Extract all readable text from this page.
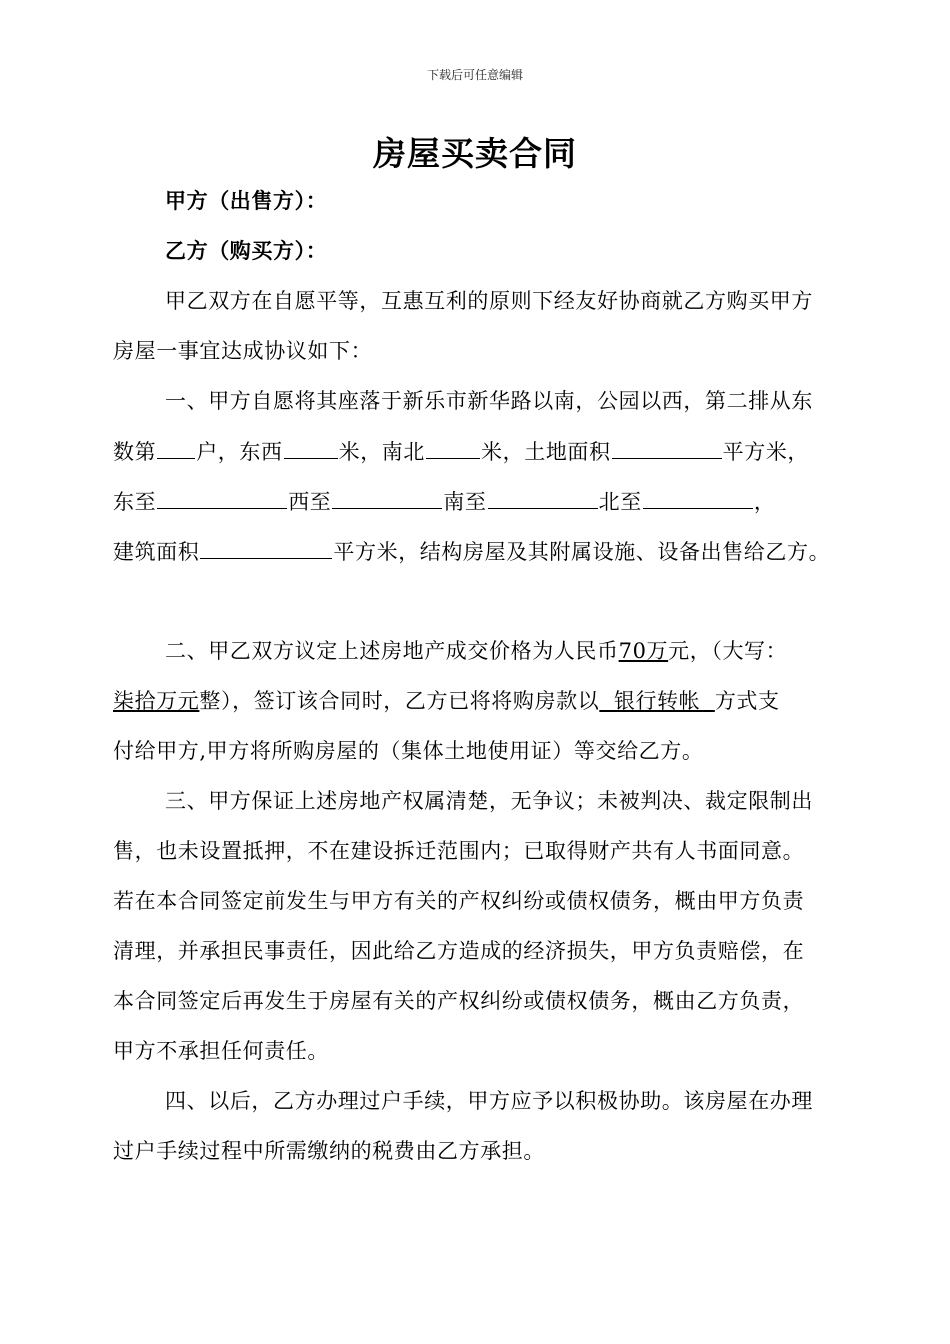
下载后可任意编辑
房屋买卖合同
甲方（出售方）：
乙方（购买方）：
甲乙双方在自愿平等，互惠互利的原则下经友好协商就乙方购买甲方
房屋一事宜达成协议如下：
一、甲方自愿将其座落于新乐市新华路以南，公园以西，第二排从东
数第 户，东西	米，南北	米，土地面积	平方米，
东至	西至	南至	北至	，
建筑面积	平方米，结构房屋及其附属设施、设备出售给乙方。
二、甲乙双方议定上述房地产成交价格为人民币70万元，（大写：
柒拾万元整），签订该合同时，乙方已将将购房款以  银行转帐  方式支
付给甲方,甲方将所购房屋的（集体土地使用证）等交给乙方。
三、甲方保证上述房地产权属清楚，无争议；未被判决、裁定限制出
售，也未设置抵押，不在建设拆迁范围内；已取得财产共有人书面同意。
若在本合同签定前发生与甲方有关的产权纠纷或债权债务，概由甲方负责
清理，并承担民事责任，因此给乙方造成的经济损失，甲方负责赔偿，在
本合同签定后再发生于房屋有关的产权纠纷或债权债务，概由乙方负责，
甲方不承担任何责任。
四、以后，乙方办理过户手续，甲方应予以积极协助。该房屋在办理
过户手续过程中所需缴纳的税费由乙方承担。
